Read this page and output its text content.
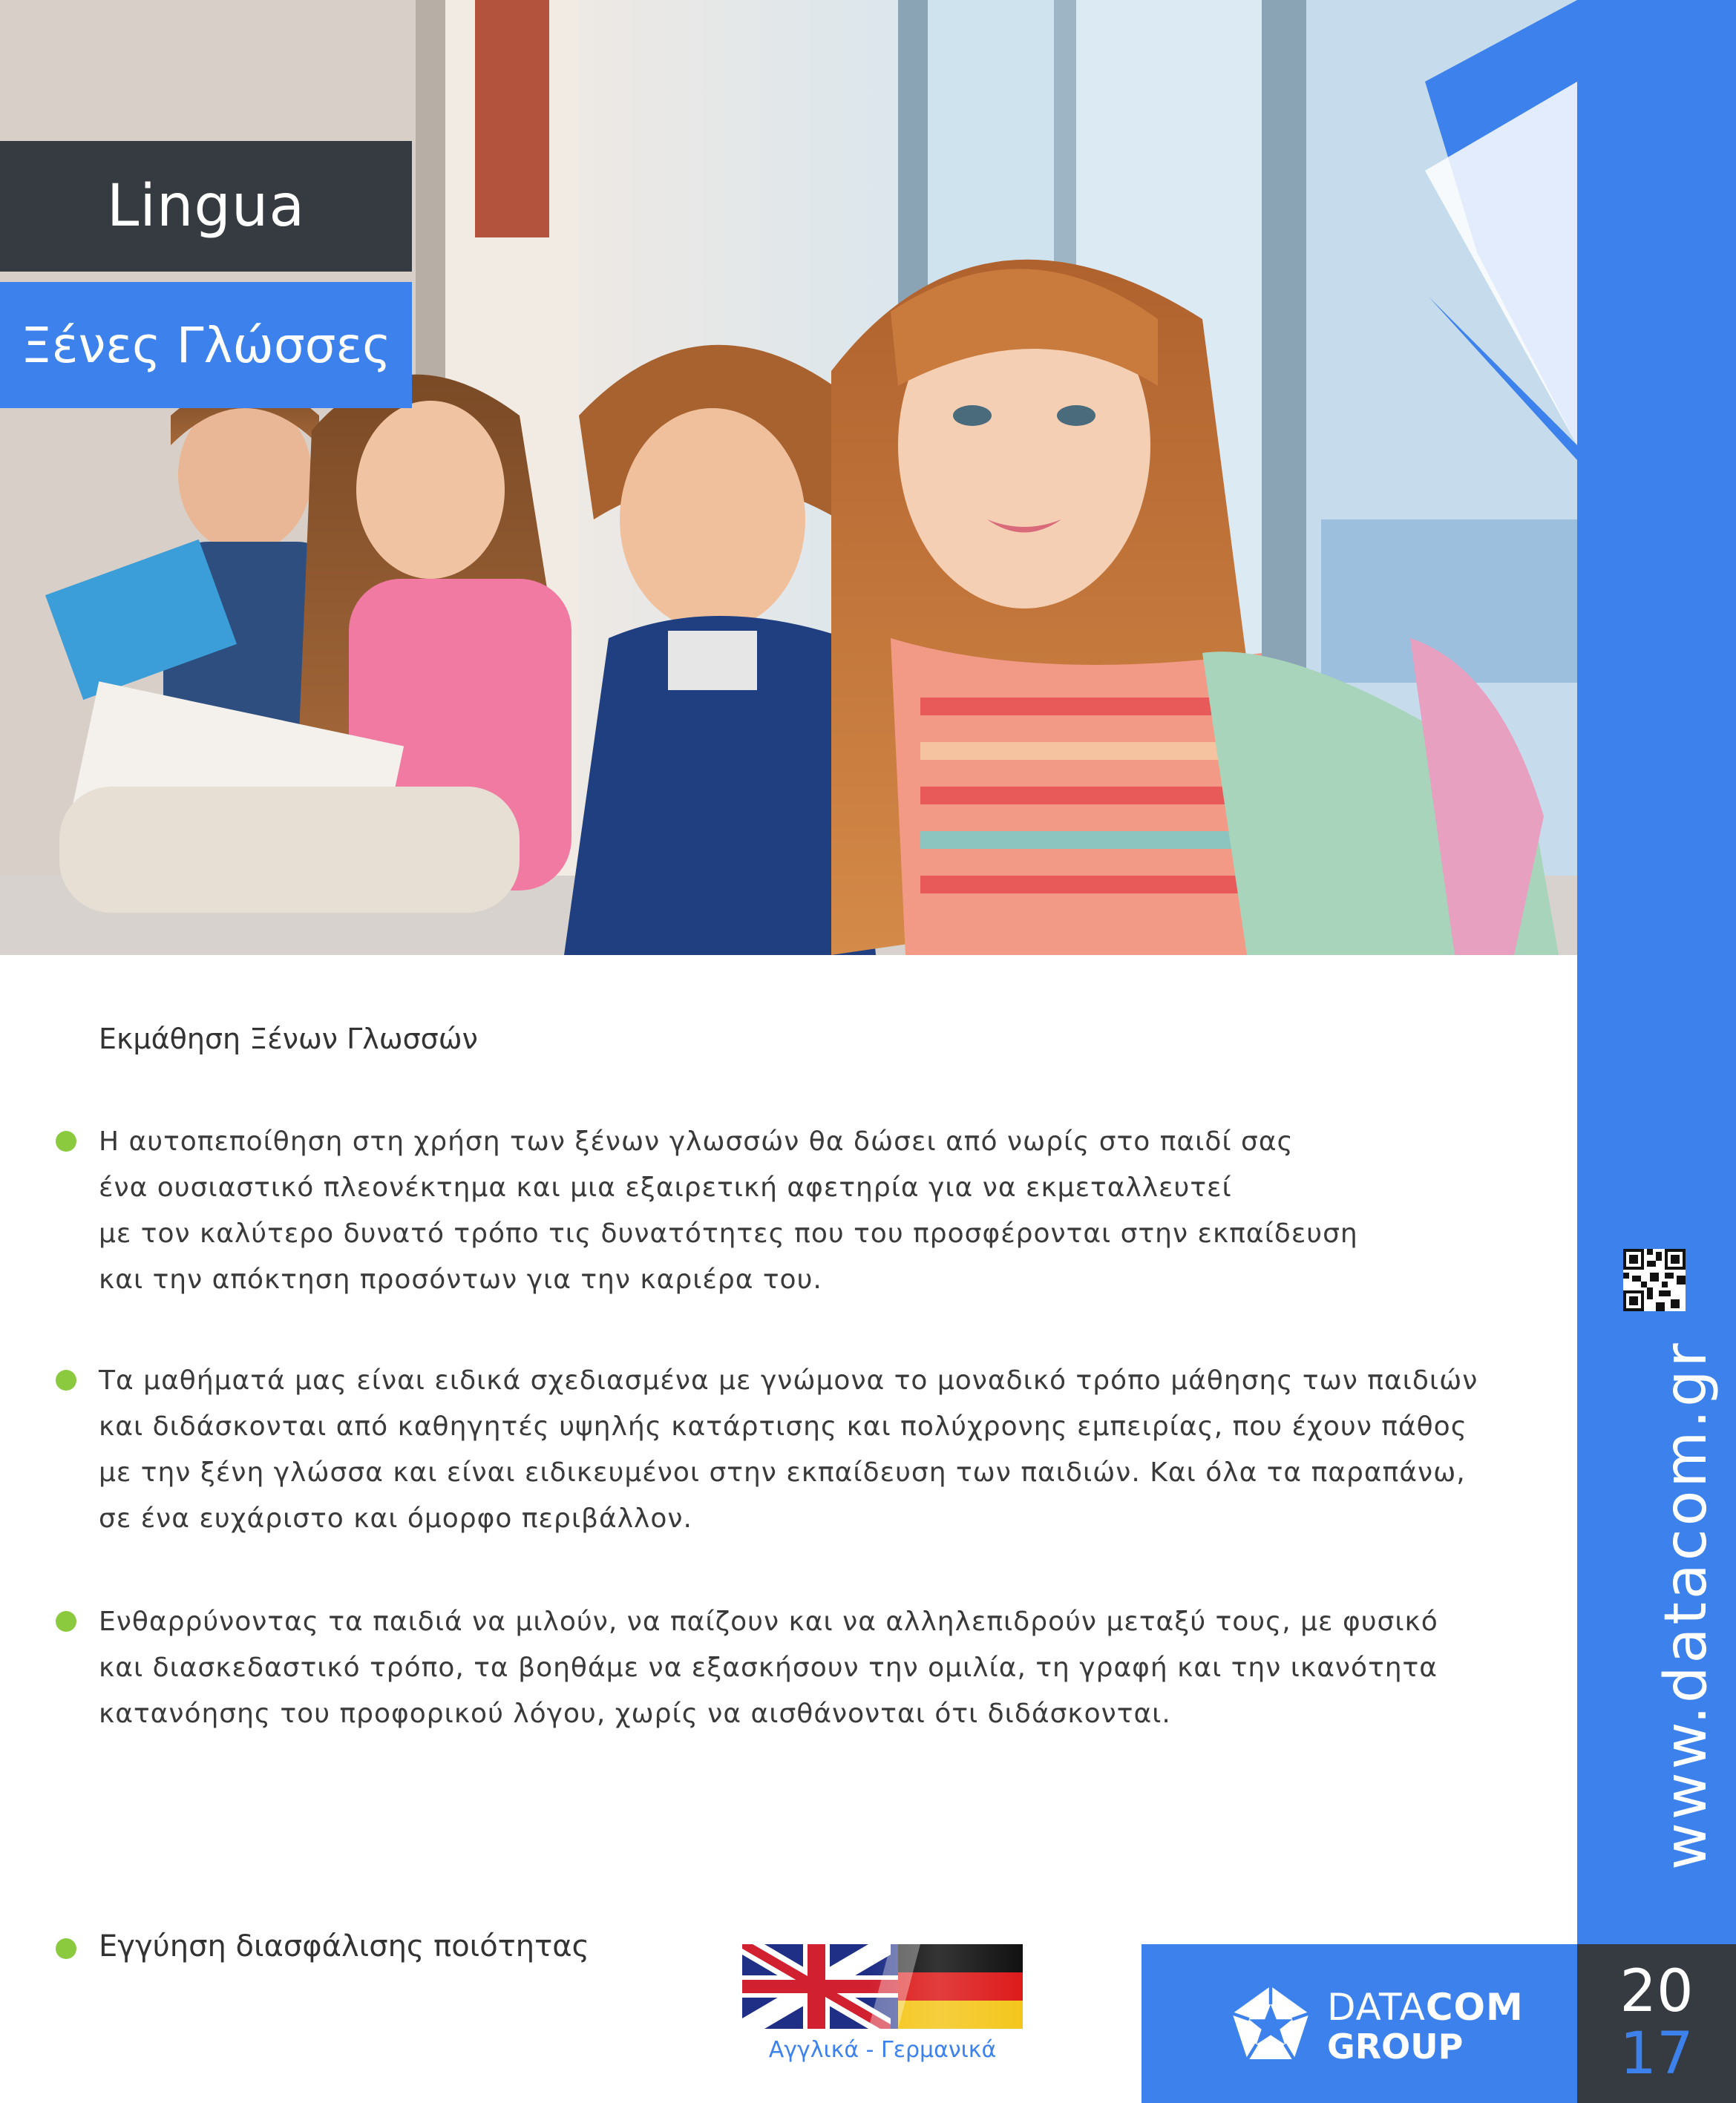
Lingua
Ξένες Γλώσσες
www.datacom.gr
20
17
DATACOM
GROUP
Εκμάθηση Ξένων Γλωσσών
Η αυτοπεποίθηση στη χρήση των ξένων γλωσσών θα δώσει από νωρίς στο παιδί σας
ένα ουσιαστικό πλεονέκτημα και μια εξαιρετική αφετηρία για να εκμεταλλευτεί
με τον καλύτερο δυνατό τρόπο τις δυνατότητες που του προσφέρονται στην εκπαίδευση
και την απόκτηση προσόντων για την καριέρα του.
Τα μαθήματά μας είναι ειδικά σχεδιασμένα με γνώμονα το μοναδικό τρόπο μάθησης των παιδιών
και διδάσκονται από καθηγητές υψηλής κατάρτισης και πολύχρονης εμπειρίας, που έχουν πάθος
με την ξένη γλώσσα και είναι ειδικευμένοι στην εκπαίδευση των παιδιών. Και όλα τα παραπάνω,
σε ένα ευχάριστο και όμορφο περιβάλλον.
Ενθαρρύνοντας τα παιδιά να μιλούν, να παίζουν και να αλληλεπιδρούν μεταξύ τους, με φυσικό
και διασκεδαστικό τρόπο, τα βοηθάμε να εξασκήσουν την ομιλία, τη γραφή και την ικανότητα
κατανόησης του προφορικού λόγου, χωρίς να αισθάνονται ότι διδάσκονται.
Εγγύηση διασφάλισης ποιότητας
Αγγλικά - Γερμανικά
